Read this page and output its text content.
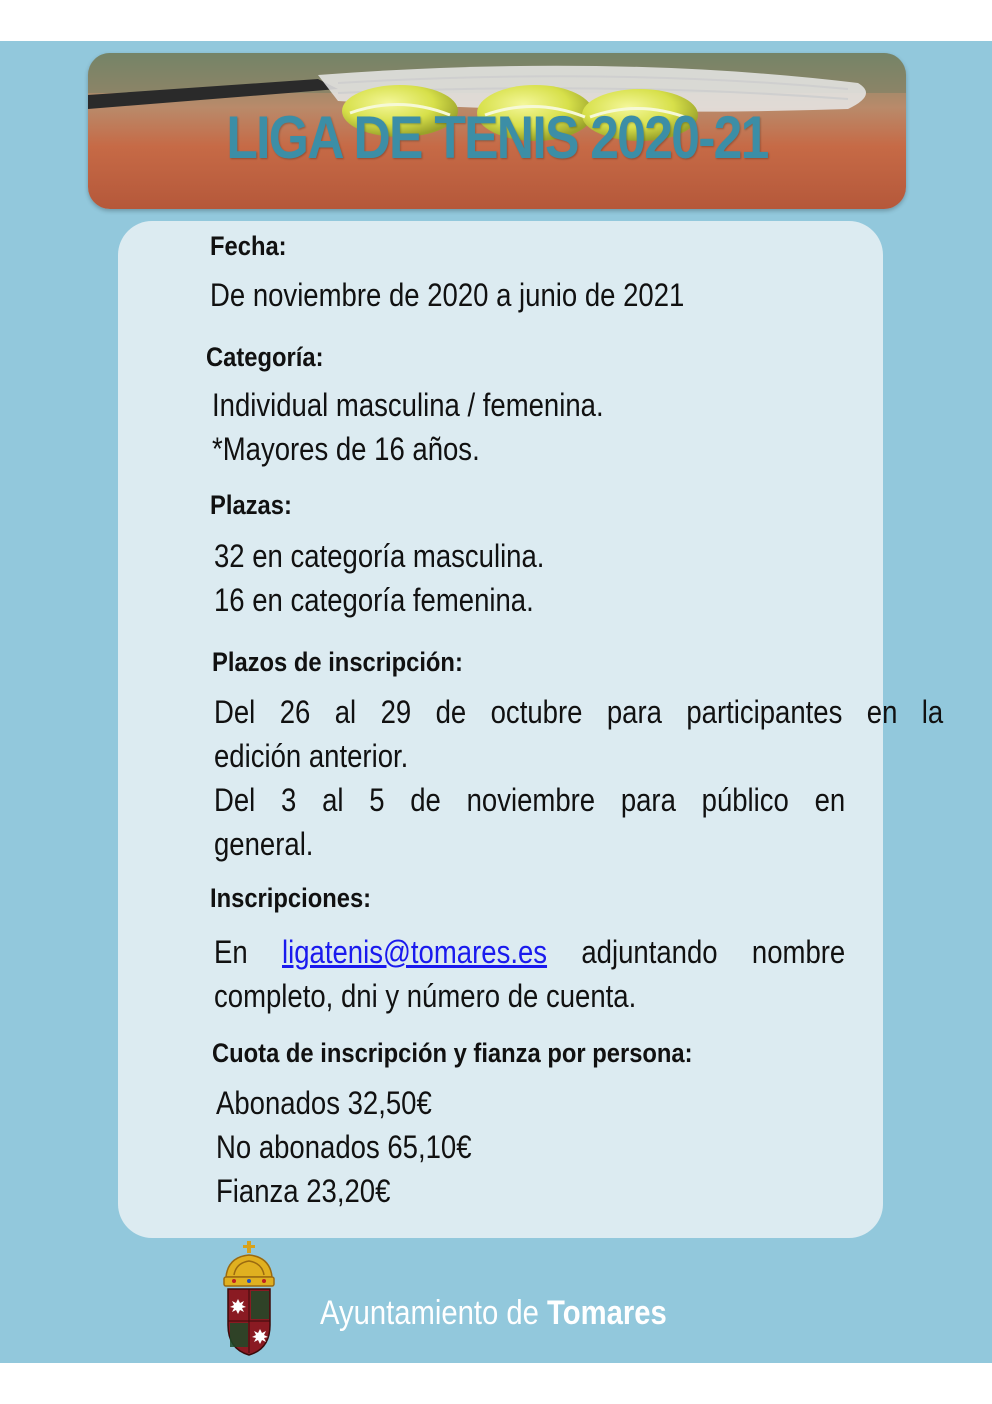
LIGA DE TENIS 2020-21
Fecha:
De noviembre de 2020 a junio de 2021
Categoría:
Individual masculina / femenina.
*Mayores de 16 años.
Plazas:
32 en categoría masculina.
16 en categoría femenina.
Plazos de inscripción:
Del 26 al 29 de octubre para participantes en la
edición anterior.
Del 3 al 5 de noviembre para público en
general.
Inscripciones:
En ligatenis@tomares.es adjuntando nombre
completo, dni y número de cuenta.
Cuota de inscripción y fianza por persona:
Abonados 32,50€
No abonados 65,10€
Fianza 23,20€
Ayuntamiento de Tomares
